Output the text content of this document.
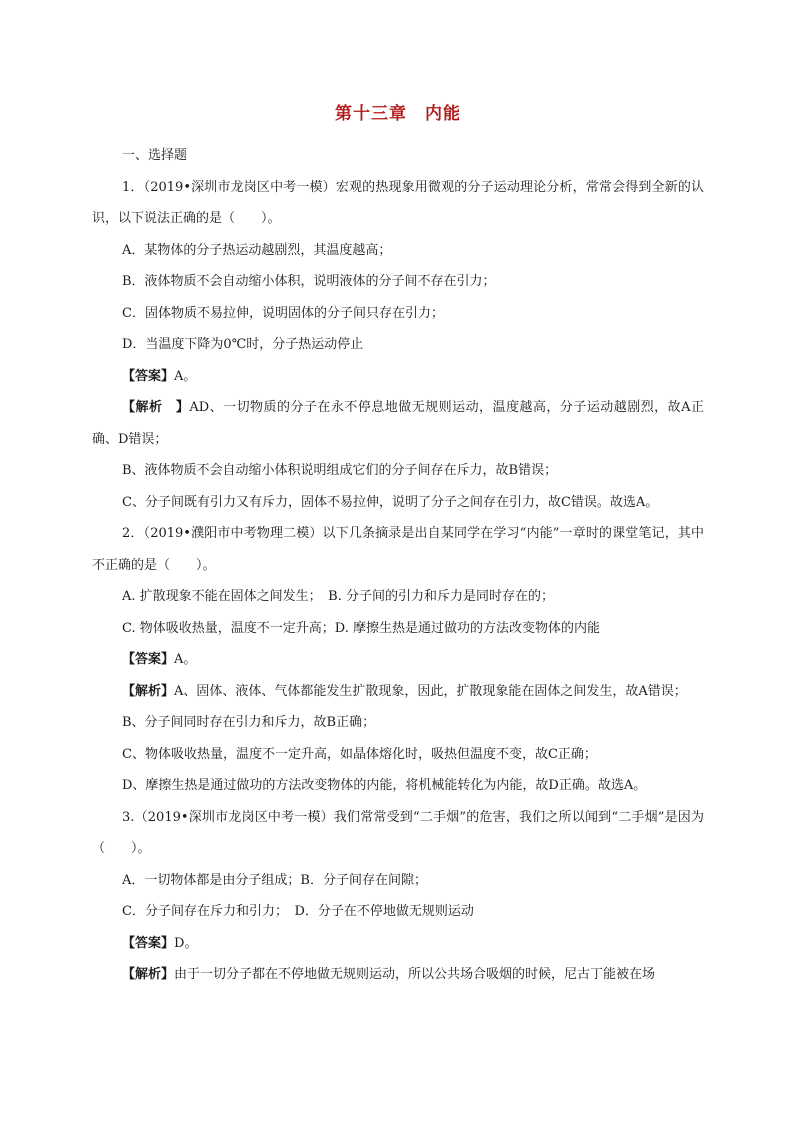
第十三章　内能
一、选择题

1．（2019•深圳市龙岗区中考一模）宏观的热现象用微观的分子运动理论分析，常常会得到全新的认识，以下说法正确的是（　　）。

A．某物体的分子热运动越剧烈，其温度越高；
B．液体物质不会自动缩小体积，说明液体的分子间不存在引力；
C．固体物质不易拉伸，说明固体的分子间只存在引力；
D．当温度下降为0℃时，分子热运动停止

【答案】A。

【解析　】AD、一切物质的分子在永不停息地做无规则运动，温度越高，分子运动越剧烈，故A正确、D错误；

B、液体物质不会自动缩小体积说明组成它们的分子间存在斥力，故B错误；

C、分子间既有引力又有斥力，固体不易拉伸，说明了分子之间存在引力，故C错误。故选A。

2．（2019•濮阳市中考物理二模）以下几条摘录是出自某同学在学习“内能”一章时的课堂笔记，其中不正确的是（　　）。

A. 扩散现象不能在固体之间发生；　B. 分子间的引力和斥力是同时存在的；
C. 物体吸收热量，温度不一定升高；D. 摩擦生热是通过做功的方法改变物体的内能

【答案】A。

【解析】A、固体、液体、气体都能发生扩散现象，因此，扩散现象能在固体之间发生，故A错误；

B、分子间同时存在引力和斥力，故B正确；

C、物体吸收热量，温度不一定升高，如晶体熔化时，吸热但温度不变，故C正确；

D、摩擦生热是通过做功的方法改变物体的内能，将机械能转化为内能，故D正确。故选A。

3.（2019•深圳市龙岗区中考一模）我们常常受到“二手烟”的危害，我们之所以闻到“二手烟”是因为（　　）。

A．一切物体都是由分子组成；B．分子间存在间隙；
C．分子间存在斥力和引力；　D．分子在不停地做无规则运动

【答案】D。

【解析】由于一切分子都在不停地做无规则运动，所以公共场合吸烟的时候，尼古丁能被在场
